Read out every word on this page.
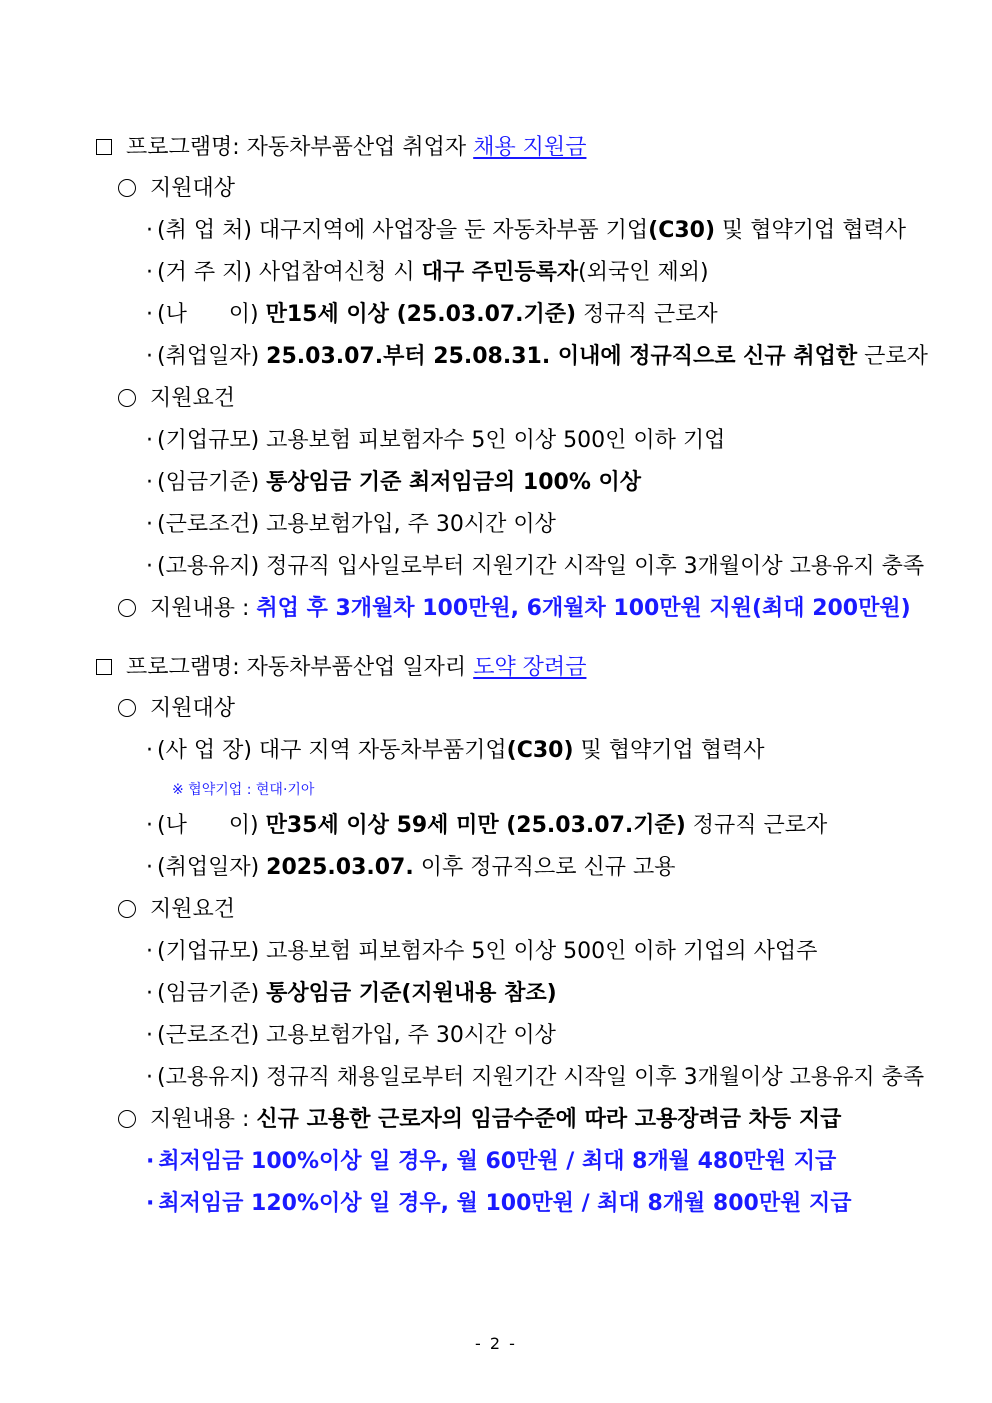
프로그램명: 자동차부품산업 취업자 채용 지원금
지원대상
· (취 업 처) 대구지역에 사업장을 둔 자동차부품 기업(C30) 및 협약기업 협력사
· (거 주 지) 사업참여신청 시 대구 주민등록자(외국인 제외)
· (나      이) 만15세 이상 (25.03.07.기준) 정규직 근로자
· (취업일자) 25.03.07.부터 25.08.31. 이내에 정규직으로 신규 취업한 근로자
지원요건
· (기업규모) 고용보험 피보험자수 5인 이상 500인 이하 기업
· (임금기준) 통상임금 기준 최저임금의 100% 이상
· (근로조건) 고용보험가입, 주 30시간 이상
· (고용유지) 정규직 입사일로부터 지원기간 시작일 이후 3개월이상 고용유지 충족
지원내용 : 취업 후 3개월차 100만원, 6개월차 100만원 지원(최대 200만원)
프로그램명: 자동차부품산업 일자리 도약 장려금
지원대상
· (사 업 장) 대구 지역 자동차부품기업(C30) 및 협약기업 협력사
※ 협약기업 : 현대·기아
· (나      이) 만35세 이상 59세 미만 (25.03.07.기준) 정규직 근로자
· (취업일자) 2025.03.07. 이후 정규직으로 신규 고용
지원요건
· (기업규모) 고용보험 피보험자수 5인 이상 500인 이하 기업의 사업주
· (임금기준) 통상임금 기준(지원내용 참조)
· (근로조건) 고용보험가입, 주 30시간 이상
· (고용유지) 정규직 채용일로부터 지원기간 시작일 이후 3개월이상 고용유지 충족
지원내용 : 신규 고용한 근로자의 임금수준에 따라 고용장려금 차등 지급
· 최저임금 100%이상 일 경우, 월 60만원 / 최대 8개월 480만원 지급
· 최저임금 120%이상 일 경우, 월 100만원 / 최대 8개월 800만원 지급
- 2 -
